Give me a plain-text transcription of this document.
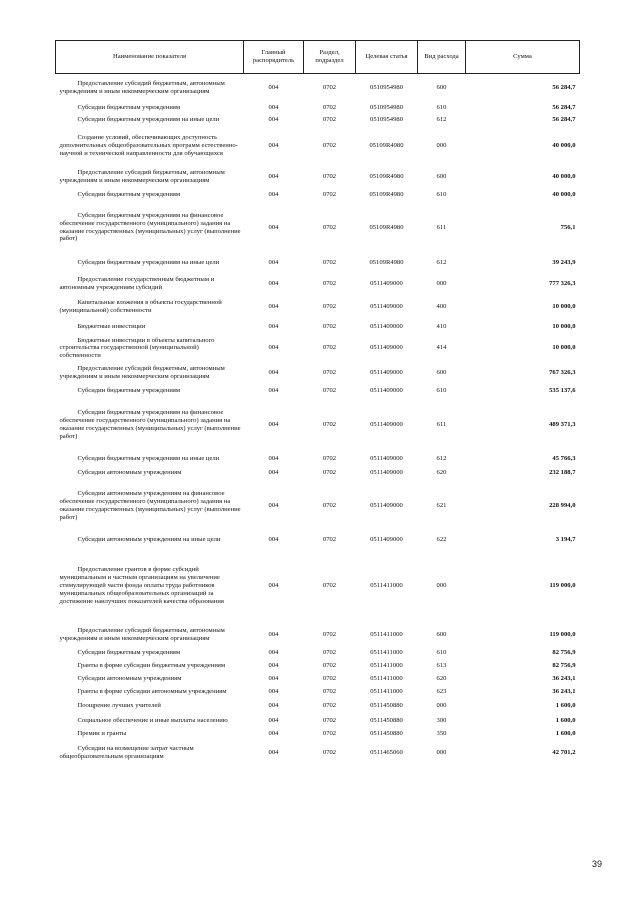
Наименование показателя	Главный распорядитель	Раздел, подраздел	Целевая статья	Вид расхода	Сумма
Предоставление субсидий бюджетным, автономным учреждениям и иным некоммерческим организациям	004	0702	0510954980	600	56 284,7
Субсидии бюджетным учреждениям	004	0702	0510954980	610	56 284,7
Субсидии бюджетным учреждениям на иные цели	004	0702	0510954980	612	56 284,7
Создание условий, обеспечивающих доступность дополнительных общеобразовательных программ естественно-научной и технической направленности для обучающихся	004	0702	05109R4980	000	40 000,0
Предоставление субсидий бюджетным, автономным учреждениям и иным некоммерческим организациям	004	0702	05109R4980	600	40 000,0
Субсидии бюджетным учреждениям	004	0702	05109R4980	610	40 000,0
Субсидии бюджетным учреждениям на финансовое обеспечение государственного (муниципального) задания на оказание государственных (муниципальных) услуг (выполнение работ)	004	0702	05109R4980	611	756,1
Субсидии бюджетным учреждениям на иные цели	004	0702	05109R4980	612	39 243,9
Предоставление государственным бюджетным и автономным учреждениям субсидий	004	0702	0511409000	000	777 326,3
Капитальные вложения в объекты государственной (муниципальной) собственности	004	0702	0511409000	400	10 000,0
Бюджетные инвестиции	004	0702	0511409000	410	10 000,0
Бюджетные инвестиции в объекты капитального строительства государственной (муниципальной) собственности	004	0702	0511409000	414	10 000,0
Предоставление субсидий бюджетным, автономным учреждениям и иным некоммерческим организациям	004	0702	0511409000	600	767 326,3
Субсидии бюджетным учреждениям	004	0702	0511409000	610	535 137,6
Субсидии бюджетным учреждениям на финансовое обеспечение государственного (муниципального) задания на оказание государственных (муниципальных) услуг (выполнение работ)	004	0702	0511409000	611	489 371,3
Субсидии бюджетным учреждениям на иные цели	004	0702	0511409000	612	45 766,3
Субсидии автономным учреждениям	004	0702	0511409000	620	232 188,7
Субсидии автономным учреждениям на финансовое обеспечение государственного (муниципального) задания на оказание государственных (муниципальных) услуг (выполнение работ)	004	0702	0511409000	621	228 994,0
Субсидии автономным учреждениям на иные цели	004	0702	0511409000	622	3 194,7
Предоставление грантов в форме субсидий муниципальным и частным организациям на увеличение стимулирующей части фонда оплаты труда работников муниципальных общеобразовательных организаций за достижение наилучших показателей качества образования	004	0702	0511411000	000	119 000,0
Предоставление субсидий бюджетным, автономным учреждениям и иным некоммерческим организациям	004	0702	0511411000	600	119 000,0
Субсидии бюджетным учреждениям	004	0702	0511411000	610	82 756,9
Гранты в форме субсидии бюджетным учреждениям	004	0702	0511411000	613	82 756,9
Субсидии автономным учреждениям	004	0702	0511411000	620	36 243,1
Гранты в форме субсидии автономным учреждениям	004	0702	0511411000	623	36 243,1
Поощрение лучших учителей	004	0702	0511450880	000	1 600,0
Социальное обеспечение и иные выплаты населению	004	0702	0511450880	300	1 600,0
Премии и гранты	004	0702	0511450880	350	1 600,0
Субсидии на возмещение затрат частным общеобразовательным организациям	004	0702	0511465060	000	42 701,2
39
